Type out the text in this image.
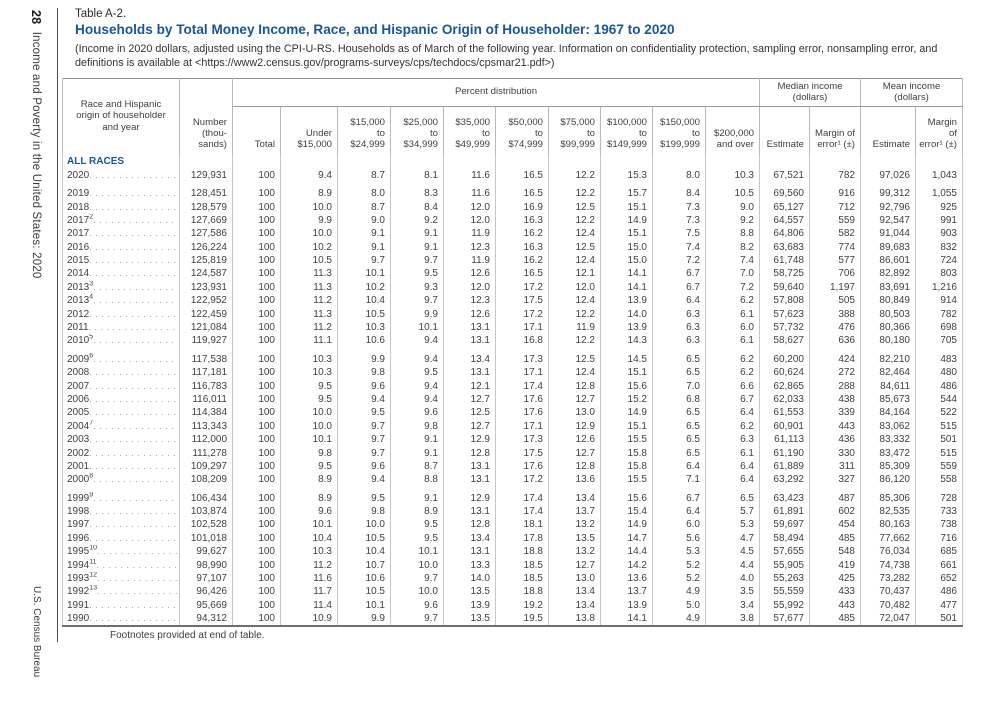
28 Income and Poverty in the United States: 2020
U.S. Census Bureau
Table A-2.
Households by Total Money Income, Race, and Hispanic Origin of Householder: 1967 to 2020
(Income in 2020 dollars, adjusted using the CPI-U-RS. Households as of March of the following year. Information on confidentiality protection, sampling error, nonsampling error, and definitions is available at <https://www2.census.gov/programs-surveys/cps/techdocs/cpsmar21.pdf>)
Race and Hispanic
origin of householder
and year	Number
(thou-
sands)	Percent distribution										Median income
(dollars)		Mean income
(dollars)	
		Total	Under
$15,000	$15,000
to
$24,999	$25,000
to
$34,999	$35,000
to
$49,999	$50,000
to
$74,999	$75,000
to
$99,999	$100,000
to
$149,999	$150,000
to
$199,999	$200,000
and over	Estimate	Margin of
error¹ (±)	Estimate	Margin of
error¹ (±)
ALL RACES															

2020
. . .	129,931	100	9.4	8.7	8.1	11.6	16.5	12.2	15.3	8.0	10.3	67,521	782	97,026	1,043

2019
. . .	128,451	100	8.9	8.0	8.3	11.6	16.5	12.2	15.7	8.4	10.5	69,560	916	99,312	1,055

2018
. . .	128,579	100	10.0	8.7	8.4	12.0	16.9	12.5	15.1	7.3	9.0	65,127	712	92,796	925

2017$^2$
. . .	127,669	100	9.9	9.0	9.2	12.0	16.3	12.2	14.9	7.3	9.2	64,557	559	92,547	991

2017
. . .	127,586	100	10.0	9.1	9.1	11.9	16.2	12.4	15.1	7.5	8.8	64,806	582	91,044	903

2016
. . .	126,224	100	10.2	9.1	9.1	12.3	16.3	12.5	15.0	7.4	8.2	63,683	774	89,683	832

2015
. . .	125,819	100	10.5	9.7	9.7	11.9	16.2	12.4	15.0	7.2	7.4	61,748	577	86,601	724

2014
. . .	124,587	100	11.3	10.1	9.5	12.6	16.5	12.1	14.1	6.7	7.0	58,725	706	82,892	803

2013$^3$
. . .	123,931	100	11.3	10.2	9.3	12.0	17.2	12.0	14.1	6.7	7.2	59,640	1,197	83,691	1,216

2013$^4$
. . .	122,952	100	11.2	10.4	9.7	12.3	17.5	12.4	13.9	6.4	6.2	57,808	505	80,849	914

2012
. . .	122,459	100	11.3	10.5	9.9	12.6	17.2	12.2	14.0	6.3	6.1	57,623	388	80,503	782

2011
. . .	121,084	100	11.2	10.3	10.1	13.1	17.1	11.9	13.9	6.3	6.0	57,732	476	80,366	698

2010$^5$
. . .	119,927	100	11.1	10.6	9.4	13.1	16.8	12.2	14.3	6.3	6.1	58,627	636	80,180	705

2009$^6$
. . .	117,538	100	10.3	9.9	9.4	13.4	17.3	12.5	14.5	6.5	6.2	60,200	424	82,210	483

2008
. . .	117,181	100	10.3	9.8	9.5	13.1	17.1	12.4	15.1	6.5	6.2	60,624	272	82,464	480

2007
. . .	116,783	100	9.5	9.6	9.4	12.1	17.4	12.8	15.6	7.0	6.6	62,865	288	84,611	486

2006
. . .	116,011	100	9.5	9.4	9.4	12.7	17.6	12.7	15.2	6.8	6.7	62,033	438	85,673	544

2005
. . .	114,384	100	10.0	9.5	9.6	12.5	17.6	13.0	14.9	6.5	6.4	61,553	339	84,164	522

2004$^7$
. . .	113,343	100	10.0	9.7	9.8	12.7	17.1	12.9	15.1	6.5	6.2	60,901	443	83,062	515

2003
. . .	112,000	100	10.1	9.7	9.1	12.9	17.3	12.6	15.5	6.5	6.3	61,113	436	83,332	501

2002
. . .	111,278	100	9.8	9.7	9.1	12.8	17.5	12.7	15.8	6.5	6.1	61,190	330	83,472	515

2001
. . .	109,297	100	9.5	9.6	8.7	13.1	17.6	12.8	15.8	6.4	6.4	61,889	311	85,309	559

2000$^8$
. . .	108,209	100	8.9	9.4	8.8	13.1	17.2	13.6	15.5	7.1	6.4	63,292	327	86,120	558

1999$^9$
. . .	106,434	100	8.9	9.5	9.1	12.9	17.4	13.4	15.6	6.7	6.5	63,423	487	85,306	728

1998
. . .	103,874	100	9.6	9.8	8.9	13.1	17.4	13.7	15.4	6.4	5.7	61,891	602	82,535	733

1997
. . .	102,528	100	10.1	10.0	9.5	12.8	18.1	13.2	14.9	6.0	5.3	59,697	454	80,163	738

1996
. . .	101,018	100	10.4	10.5	9.5	13.4	17.8	13.5	14.7	5.6	4.7	58,494	485	77,662	716

1995$^{10}$
. . .	99,627	100	10.3	10.4	10.1	13.1	18.8	13.2	14.4	5.3	4.5	57,655	548	76,034	685

1994$^{11}$
. . .	98,990	100	11.2	10.7	10.0	13.3	18.5	12.7	14.2	5.2	4.4	55,905	419	74,738	661

1993$^{12}$
. . .	97,107	100	11.6	10.6	9.7	14.0	18.5	13.0	13.6	5.2	4.0	55,263	425	73,282	652

1992$^{13}$
. . .	96,426	100	11.7	10.5	10.0	13.5	18.8	13.4	13.7	4.9	3.5	55,559	433	70,437	486

1991
. . .	95,669	100	11.4	10.1	9.6	13.9	19.2	13.4	13.9	5.0	3.4	55,992	443	70,482	477

1990
. . .	94,312	100	10.9	9.9	9.7	13.5	19.5	13.8	14.1	4.9	3.8	57,677	485	72,047	501
Footnotes provided at end of table.
